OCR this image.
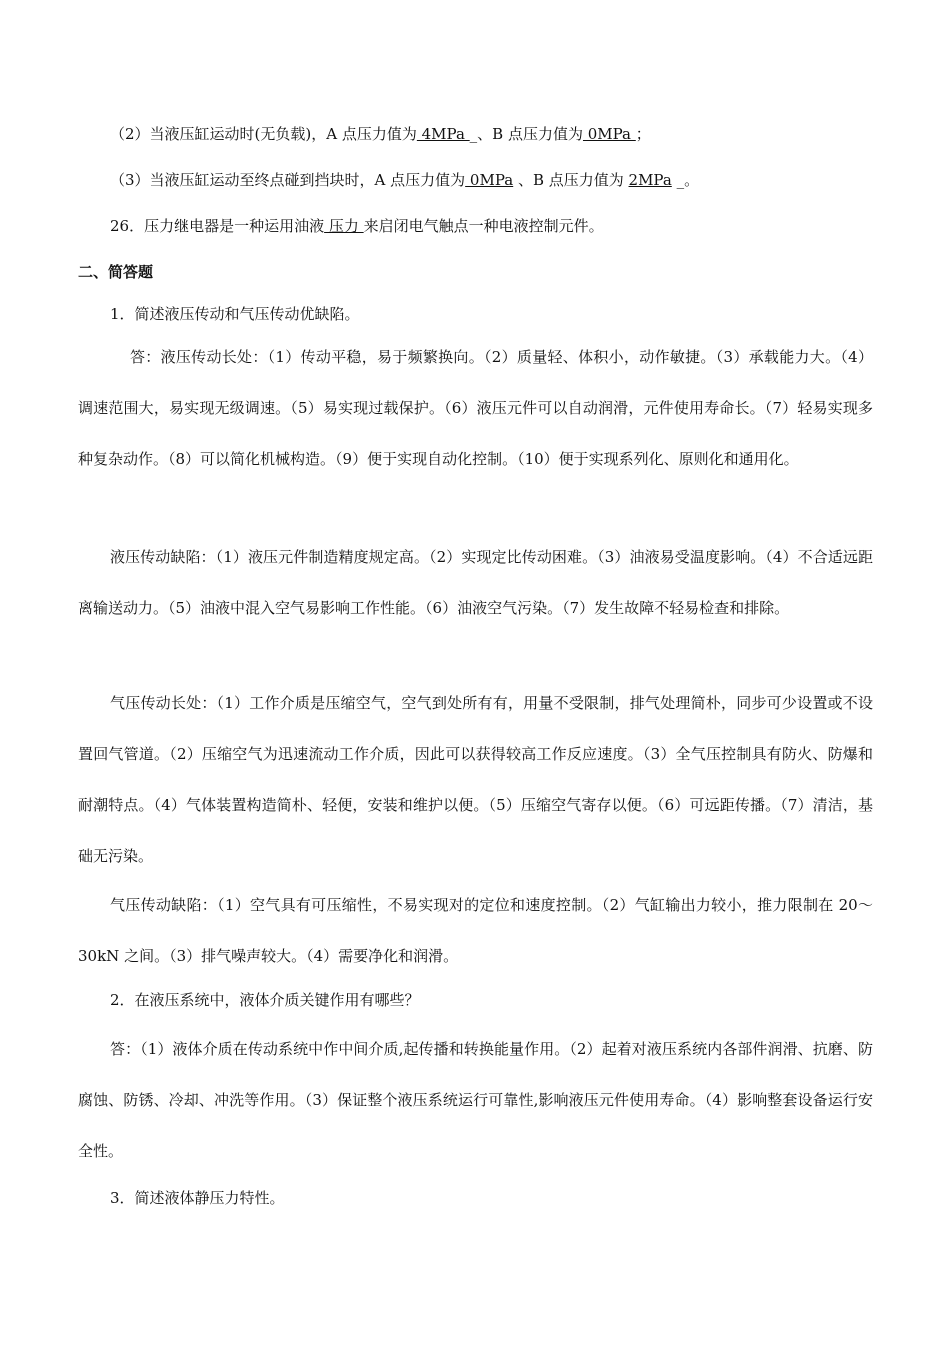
（2）当液压缸运动时(无负载)，A 点压力值为 4MPa _、B 点压力值为 0MPa ；
（3）当液压缸运动至终点碰到挡块时，A 点压力值为 0MPa 、B 点压力值为 2MPa _。
26．压力继电器是一种运用油液 压力 来启闭电气触点一种电液控制元件。
二、简答题
1．简述液压传动和气压传动优缺陷。
答：液压传动长处：（1）传动平稳，易于频繁换向。（2）质量轻、体积小，动作敏捷。（3）承载能力大。（4）调速范围大，易实现无级调速。（5）易实现过载保护。（6）液压元件可以自动润滑，元件使用寿命长。（7）轻易实现多种复杂动作。（8）可以简化机械构造。（9）便于实现自动化控制。（10）便于实现系列化、原则化和通用化。
液压传动缺陷：（1）液压元件制造精度规定高。（2）实现定比传动困难。（3）油液易受温度影响。（4）不合适远距离输送动力。（5）油液中混入空气易影响工作性能。（6）油液空气污染。（7）发生故障不轻易检查和排除。
气压传动长处：（1）工作介质是压缩空气，空气到处所有有，用量不受限制，排气处理简朴，同步可少设置或不设置回气管道。（2）压缩空气为迅速流动工作介质，因此可以获得较高工作反应速度。（3）全气压控制具有防火、防爆和耐潮特点。（4）气体装置构造简朴、轻便，安装和维护以便。（5）压缩空气寄存以便。（6）可远距传播。（7）清洁，基础无污染。
气压传动缺陷：（1）空气具有可压缩性，不易实现对的定位和速度控制。（2）气缸输出力较小，推力限制在 20～30kN 之间。（3）排气噪声较大。（4）需要净化和润滑。
2．在液压系统中，液体介质关键作用有哪些？
答：（1）液体介质在传动系统中作中间介质,起传播和转换能量作用。（2）起着对液压系统内各部件润滑、抗磨、防腐蚀、防锈、冷却、冲洗等作用。（3）保证整个液压系统运行可靠性,影响液压元件使用寿命。（4）影响整套设备运行安全性。
3．简述液体静压力特性。
